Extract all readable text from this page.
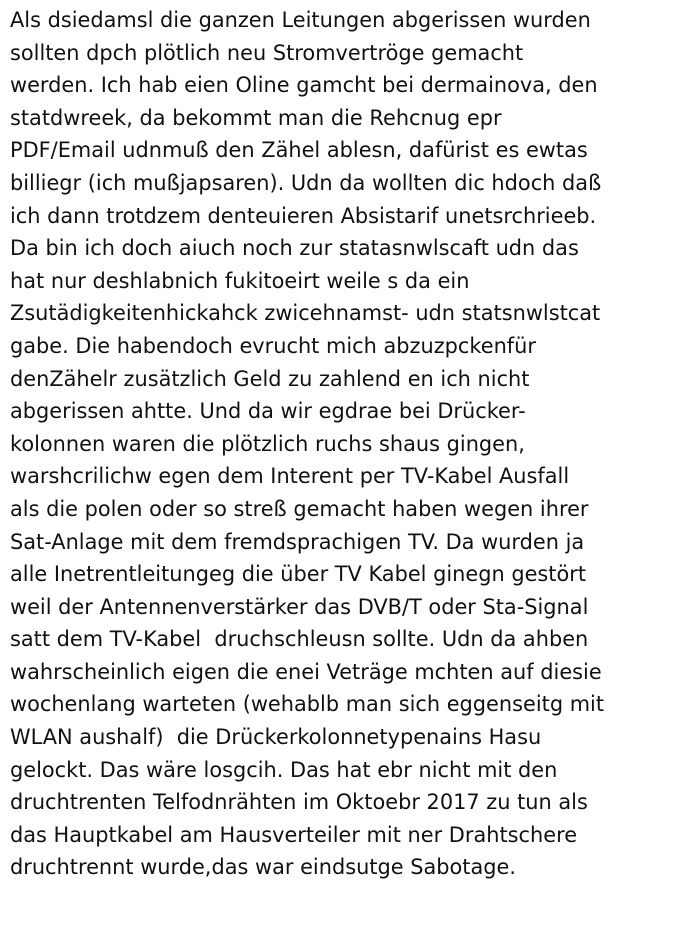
Als dsiedamsl die ganzen Leitungen abgerissen wurden
sollten dpch plötlich neu Stromvertröge gemacht
werden. Ich hab eien Oline gamcht bei dermainova, den
statdwreek, da bekommt man die Rehcnug epr
PDF/Email udnmuß den Zähel ablesn, dafürist es ewtas
billiegr (ich mußjapsaren). Udn da wollten dic hdoch daß
ich dann trotdzem denteuieren Absistarif unetsrchrieeb.
Da bin ich doch aiuch noch zur statasnwlscaft udn das
hat nur deshlabnich fukitoeirt weile s da ein
Zsutädigkeitenhickahck zwicehnamst- udn statsnwlstcat
gabe. Die habendoch evrucht mich abzuzpckenfür
denZähelr zusätzlich Geld zu zahlend en ich nicht
abgerissen ahtte. Und da wir egdrae bei Drücker-
kolonnen waren die plötzlich ruchs shaus gingen,
warshcrilichw egen dem Interent per TV-Kabel Ausfall
als die polen oder so streß gemacht haben wegen ihrer
Sat-Anlage mit dem fremdsprachigen TV. Da wurden ja
alle Inetrentleitungeg die über TV Kabel ginegn gestört
weil der Antennenverstärker das DVB/T oder Sta-Signal
satt dem TV-Kabel  druchschleusn sollte. Udn da ahben
wahrscheinlich eigen die enei Veträge mchten auf diesie
wochenlang warteten (wehablb man sich eggenseitg mit
WLAN aushalf)  die Drückerkolonnetypenains Hasu
gelockt. Das wäre losgcih. Das hat ebr nicht mit den
druchtrenten Telfodnrähten im Oktoebr 2017 zu tun als
das Hauptkabel am Hausverteiler mit ner Drahtschere
druchtrennt wurde,das war eindsutge Sabotage.
